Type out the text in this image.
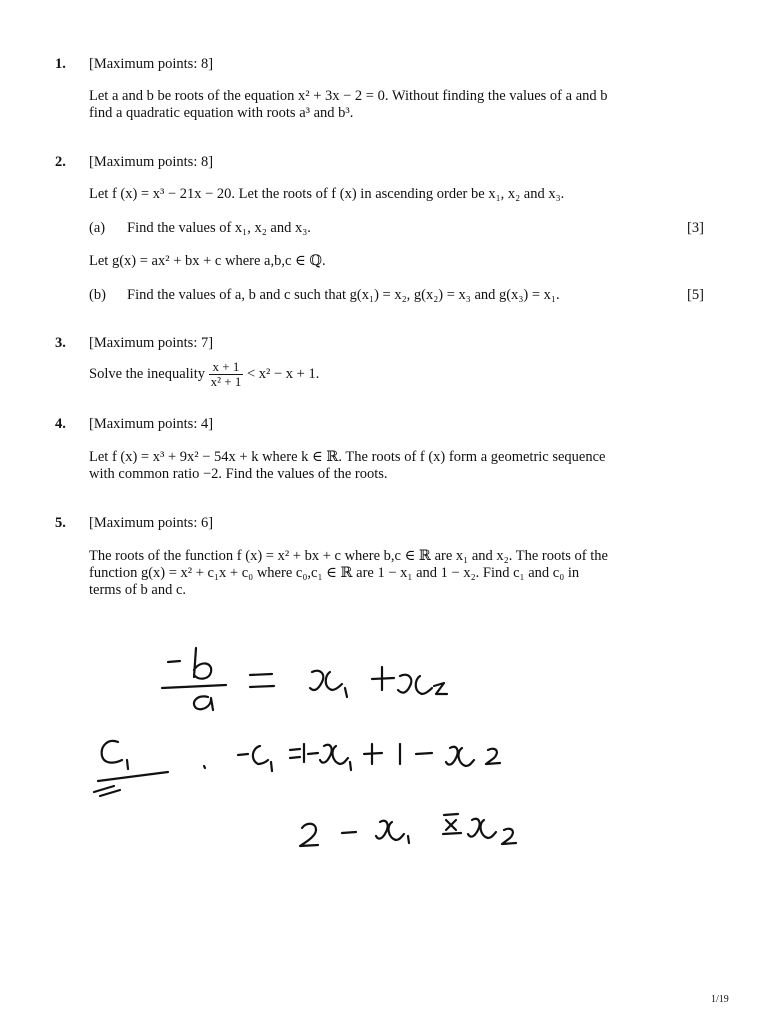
1. [Maximum points: 8]
Let a and b be roots of the equation x² + 3x − 2 = 0. Without finding the values of a and b
find a quadratic equation with roots a³ and b³.
2. [Maximum points: 8]
Let f (x) = x³ − 21x − 20. Let the roots of f (x) in ascending order be x₁, x₂ and x₃.
(a) Find the values of x₁, x₂ and x₃.	[3]
Let g(x) = ax² + bx + c where a,b,c ∈ ℚ.
(b) Find the values of a, b and c such that g(x₁) = x₂, g(x₂) = x₃ and g(x₃) = x₁.	[5]
3. [Maximum points: 7]
Solve the inequality $\frac{x + 1}{\text{x² + 1}} < x^2 - x + 1$.
4. [Maximum points: 4]
Let f (x) = x³ + 9x² − 54x + k where k ∈ ℝ. The roots of f (x) form a geometric sequence
with common ratio −2. Find the values of the roots.
5. [Maximum points: 6]
The roots of the function f (x) = x² + bx + c where b,c ∈ ℝ are x₁ and x₂. The roots of the
function g(x) = x² + c₁x + c₀ where c₀,c₁ ∈ ℝ are 1 − x₁ and 1 − x₂. Find c₁ and c₀ in
terms of b and c.
1/19
